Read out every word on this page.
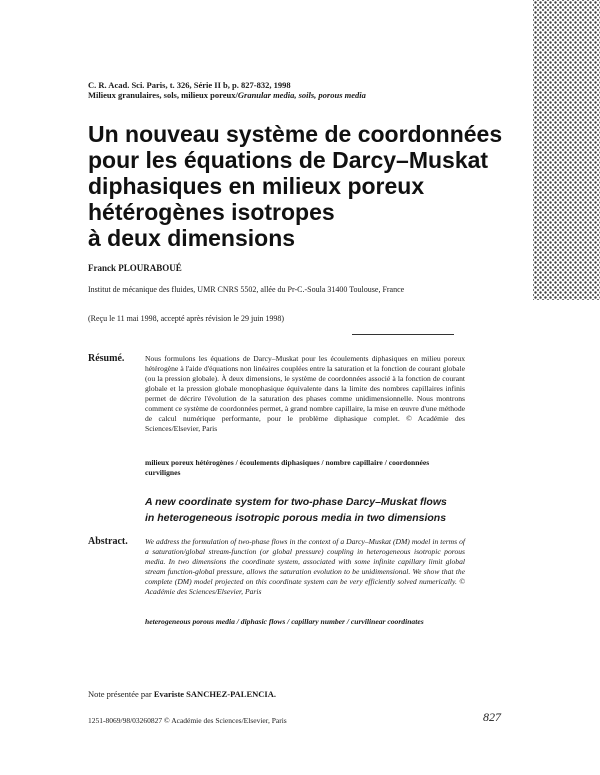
C. R. Acad. Sci. Paris, t. 326, Série II b, p. 827-832, 1998
Milieux granulaires, sols, milieux poreux/Granular media, soils, porous media
Un nouveau système de coordonnées
pour les équations de Darcy–Muskat
diphasiques en milieux poreux
hétérogènes isotropes
à deux dimensions
Franck PLOURABOUÉ
Institut de mécanique des fluides, UMR CNRS 5502, allée du Pr-C.-Soula 31400 Toulouse, France
(Reçu le 11 mai 1998, accepté après révision le 29 juin 1998)
Résumé.	Nous formulons les équations de Darcy–Muskat pour les écoulements diphasiques en milieu poreux hétérogène à l'aide d'équations non linéaires couplées entre la saturation et la fonction de courant globale (ou la pression globale). À deux dimensions, le système de coordonnées associé à la fonction de courant globale et la pression globale monophasique équivalente dans la limite des nombres capillaires infinis permet de décrire l'évolution de la saturation des phases comme unidimensionnelle. Nous montrons comment ce système de coordonnées permet, à grand nombre capillaire, la mise en œuvre d'une méthode de calcul numérique performante, pour le problème diphasique complet. © Académie des Sciences/Elsevier, Paris
milieux poreux hétérogènes / écoulements diphasiques / nombre capillaire / coordonnées curvilignes
A new coordinate system for two-phase Darcy–Muskat flows
in heterogeneous isotropic porous media in two dimensions
Abstract. We address the formulation of two-phase flows in the context of a Darcy–Muskat (DM) model in terms of a saturation/global stream-function (or global pressure) coupling in heterogeneous isotropic porous media. In two dimensions the coordinate system, associated with some infinite capillary limit global stream function-global pressure, allows the saturation evolution to be unidimensional. We show that the complete (DM) model projected on this coordinate system can be very efficiently solved numerically. © Académie des Sciences/Elsevier, Paris
heterogeneous porous media / diphasic flows / capillary number / curvilinear coordinates
Note présentée par Evariste SANCHEZ-PALENCIA.
1251-8069/98/03260827 © Académie des Sciences/Elsevier, Paris	827
